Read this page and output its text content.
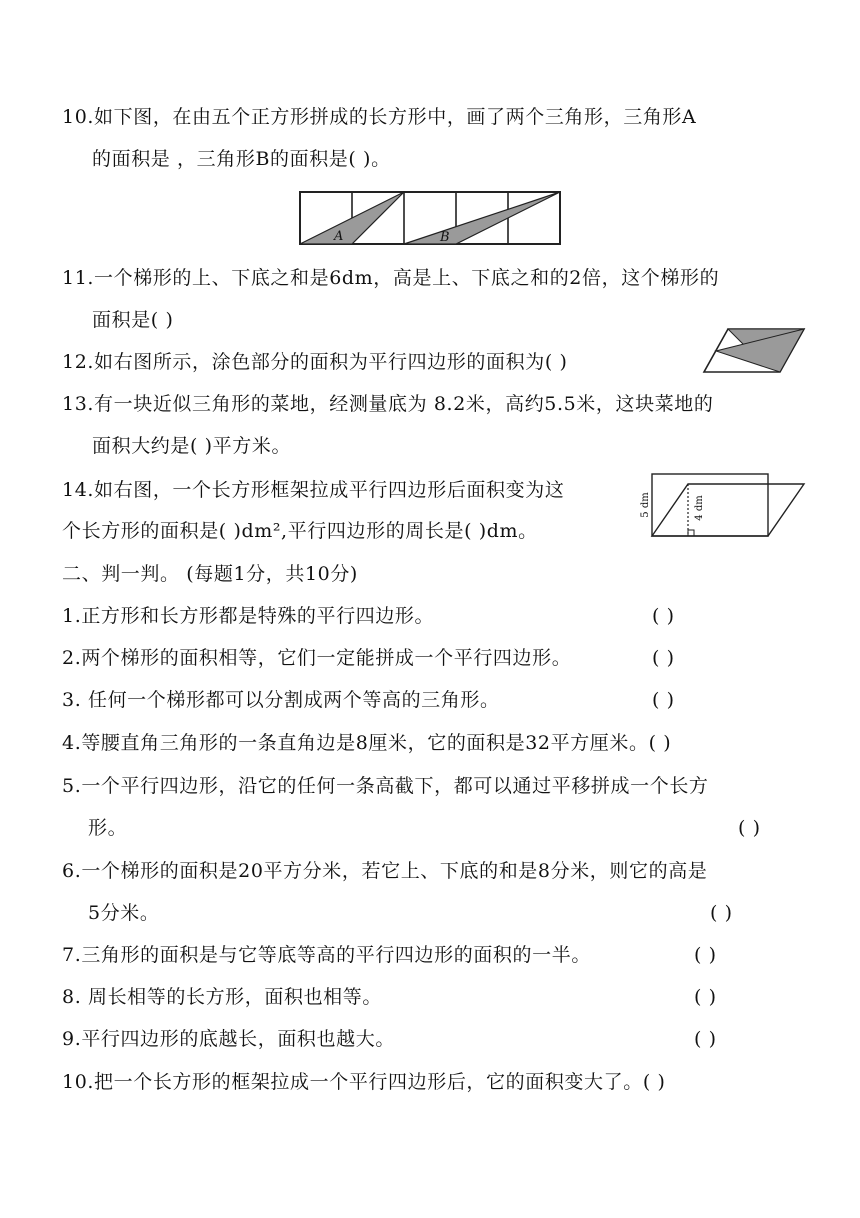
10.如下图，在由五个正方形拼成的长方形中，画了两个三角形，三角形A
的面积是 ，三角形B的面积是( )。
A	B
11.一个梯形的上、下底之和是6dm，高是上、下底之和的2倍，这个梯形的
面积是( )
12.如右图所示，涂色部分的面积为平行四边形的面积为( )
13.有一块近似三角形的菜地，经测量底为 8.2米，高约5.5米，这块菜地的
面积大约是( )平方米。
14.如右图，一个长方形框架拉成平行四边形后面积变为这
个长方形的面积是( )dm²,平行四边形的周长是( )dm。
5 dm	4 dm
二、判一判。 (每题1分，共10分)
1.正方形和长方形都是特殊的平行四边形。	( )
2.两个梯形的面积相等，它们一定能拼成一个平行四边形。	( )
3. 任何一个梯形都可以分割成两个等高的三角形。	( )
4.等腰直角三角形的一条直角边是8厘米，它的面积是32平方厘米。( )
5.一个平行四边形，沿它的任何一条高截下，都可以通过平移拼成一个长方
形。	( )
6.一个梯形的面积是20平方分米，若它上、下底的和是8分米，则它的高是
5分米。	( )
7.三角形的面积是与它等底等高的平行四边形的面积的一半。	( )
8. 周长相等的长方形，面积也相等。	( )
9.平行四边形的底越长，面积也越大。	( )
10.把一个长方形的框架拉成一个平行四边形后，它的面积变大了。( )
